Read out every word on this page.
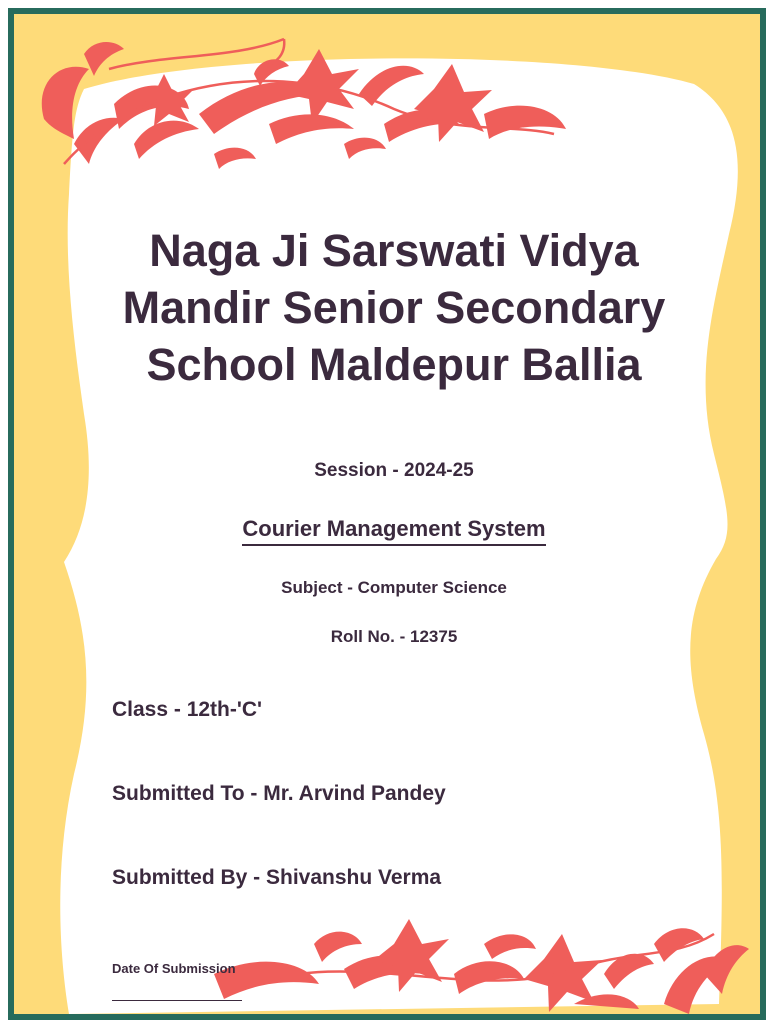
Naga Ji Sarswati Vidya
Mandir Senior Secondary
School Maldepur Ballia
Session - 2024-25
Courier Management System
Subject - Computer Science
Roll No. - 12375
Class - 12th-'C'
Submitted To - Mr. Arvind Pandey
Submitted By - Shivanshu Verma
Date Of Submission
